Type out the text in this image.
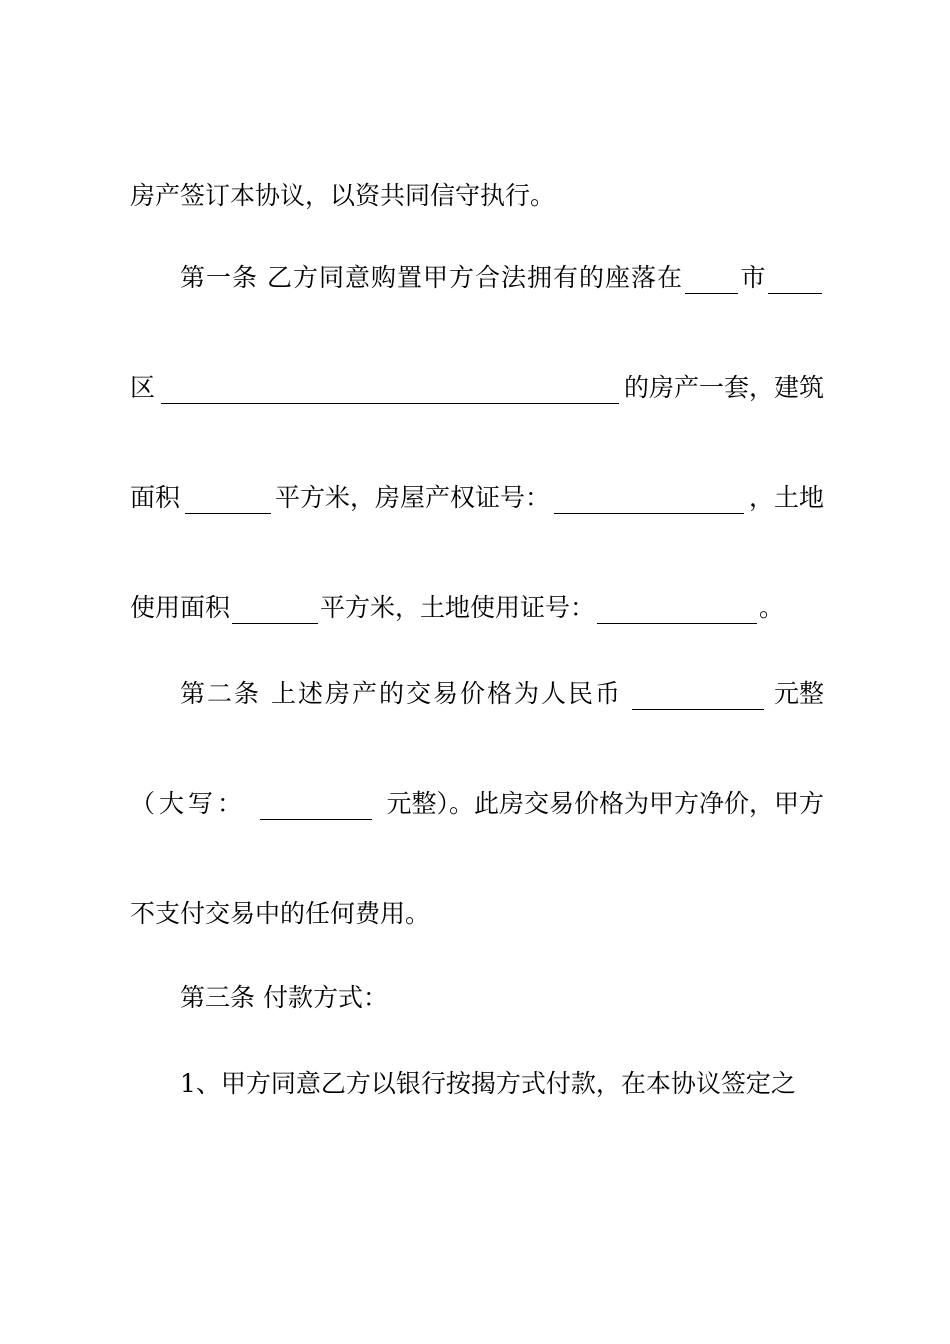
房产签订本协议，以资共同信守执行。
第一条 乙方同意购置甲方合法拥有的座落在 市
区	的房产一套，建筑
面积	平方米，房屋产权证号：	，土地
使用面积	平方米，土地使用证号：	。
第二条 上述房产的交易价格为人民币	元整
（大写：	元整）。此房交易价格为甲方净价，甲方
不支付交易中的任何费用。
第三条 付款方式：
1、甲方同意乙方以银行按揭方式付款，在本协议签定之
